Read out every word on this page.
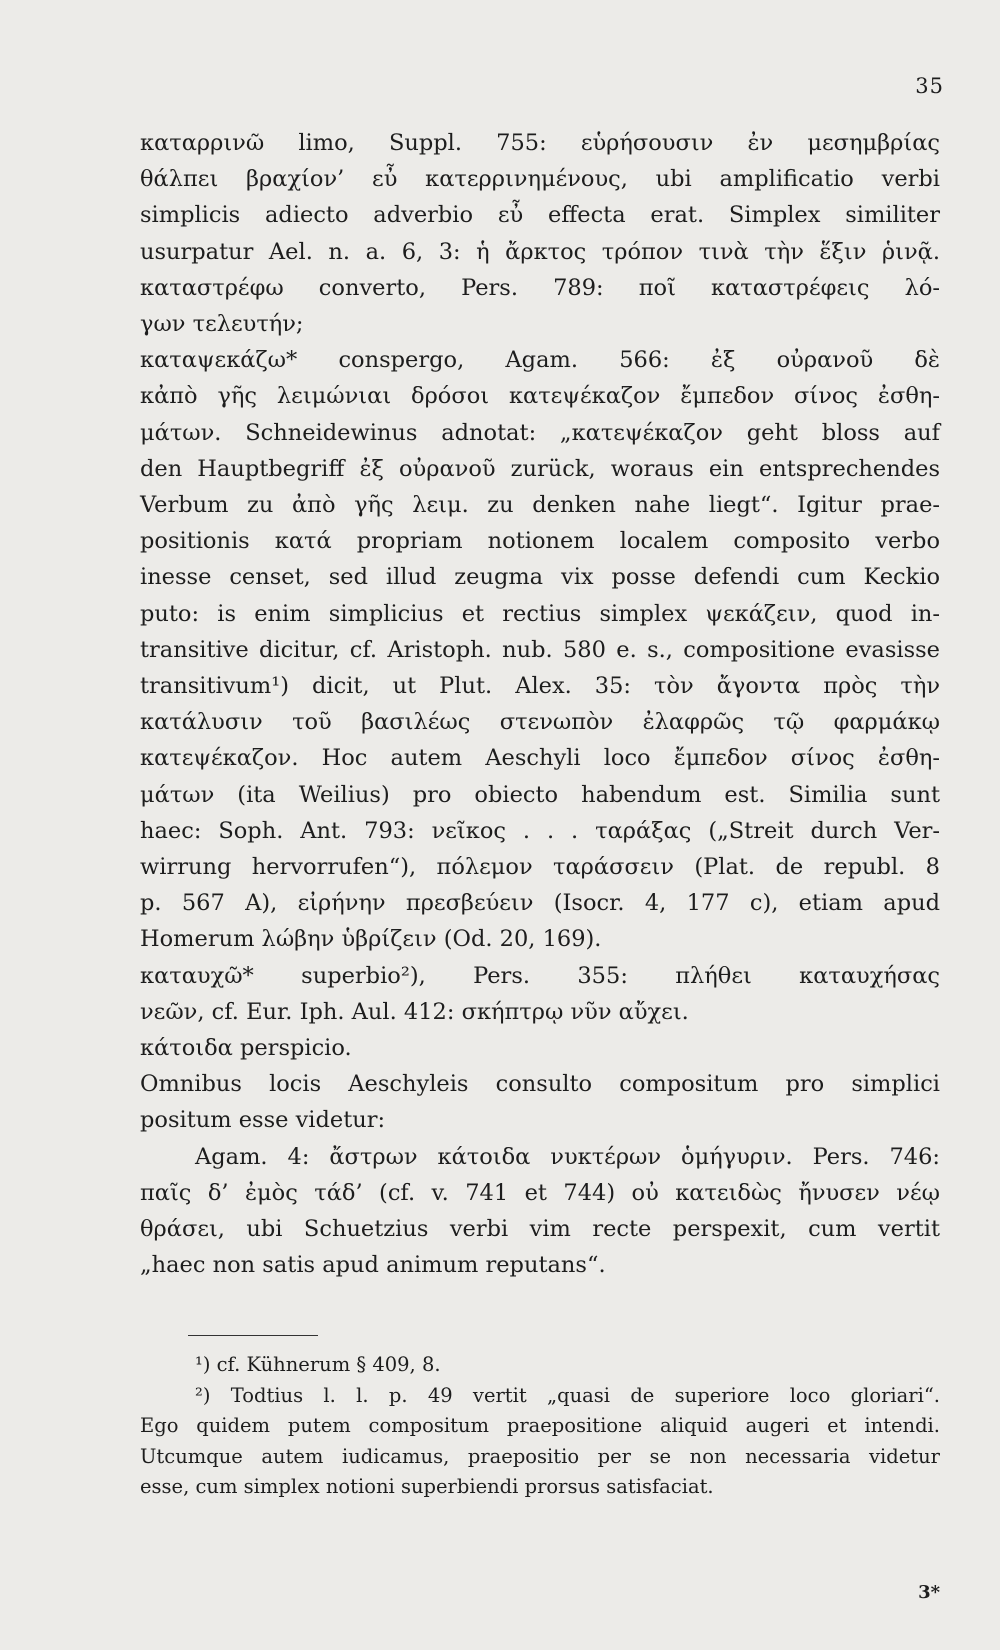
35
καταρρινῶ limo, Suppl. 755: εὑρήσουσιν ἐν μεσημβρίας
θάλπει βραχίον’ εὖ κατερρινημένους, ubi amplificatio verbi
simplicis adiecto adverbio εὖ effecta erat. Simplex similiter
usurpatur Ael. n. a. 6, 3: ἡ ἄρκτος τρόπον τινὰ τὴν ἕξιν ῥινᾷ.
καταστρέφω converto, Pers. 789: ποῖ καταστρέφεις λό-
γων τελευτήν;
καταψεκάζω* conspergo, Agam. 566: ἐξ οὐρανοῦ δὲ
κἀπὸ γῆς λειμώνιαι δρόσοι κατεψέκαζον ἔμπεδον σίνος ἐσθη-
μάτων. Schneidewinus adnotat: „κατεψέκαζον geht bloss auf
den Hauptbegriff ἐξ οὐρανοῦ zurück, woraus ein entsprechendes
Verbum zu ἀπὸ γῆς λειμ. zu denken nahe liegt“. Igitur prae-
positionis κατά propriam notionem localem composito verbo
inesse censet, sed illud zeugma vix posse defendi cum Keckio
puto: is enim simplicius et rectius simplex ψεκάζειν, quod in-
transitive dicitur, cf. Aristoph. nub. 580 e. s., compositione evasisse
transitivum¹) dicit, ut Plut. Alex. 35: τὸν ἄγοντα πρὸς τὴν
κατάλυσιν τοῦ βασιλέως στενωπὸν ἐλαφρῶς τῷ φαρμάκῳ
κατεψέκαζον. Hoc autem Aeschyli loco ἔμπεδον σίνος ἐσθη-
μάτων (ita Weilius) pro obiecto habendum est. Similia sunt
haec: Soph. Ant. 793: νεῖκος . . . ταράξας („Streit durch Ver-
wirrung hervorrufen“), πόλεμον ταράσσειν (Plat. de republ. 8
p. 567 A), εἰρήνην πρεσβεύειν (Isocr. 4, 177 c), etiam apud
Homerum λώβην ὑβρίζειν (Od. 20, 169).
καταυχῶ* superbio²), Pers. 355: πλήθει καταυχήσας
νεῶν, cf. Eur. Iph. Aul. 412: σκήπτρῳ νῦν αὔχει.
κάτοιδα perspicio.
Omnibus locis Aeschyleis consulto compositum pro simplici
positum esse videtur:
Agam. 4: ἄστρων κάτοιδα νυκτέρων ὁμήγυριν. Pers. 746:
παῖς δ’ ἐμὸς τάδ’ (cf. v. 741 et 744) οὐ κατειδὼς ἤνυσεν νέῳ
θράσει, ubi Schuetzius verbi vim recte perspexit, cum vertit
„haec non satis apud animum reputans“.
¹) cf. Kühnerum § 409, 8.
²) Todtius l. l. p. 49 vertit „quasi de superiore loco gloriari“.
Ego quidem putem compositum praepositione aliquid augeri et intendi.
Utcumque autem iudicamus, praepositio per se non necessaria videtur
esse, cum simplex notioni superbiendi prorsus satisfaciat.
3*
